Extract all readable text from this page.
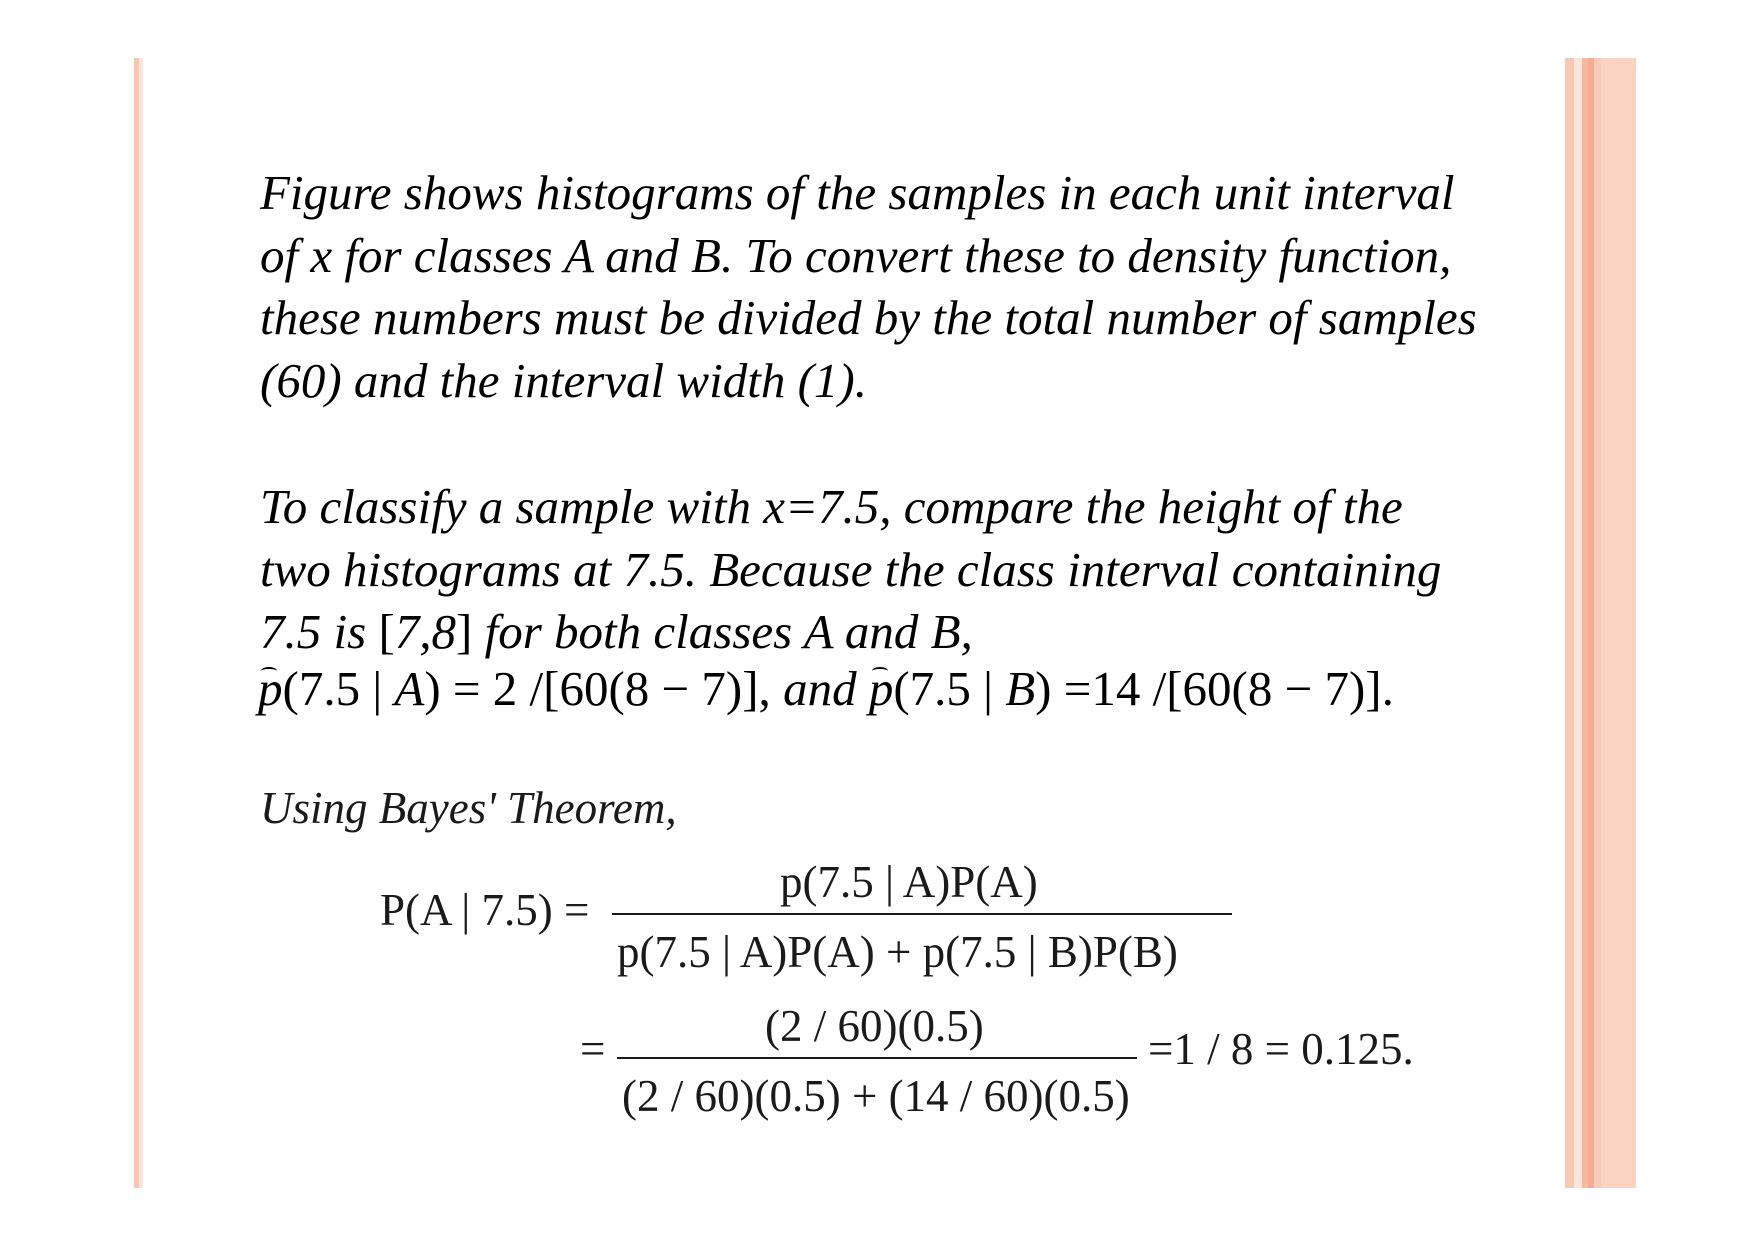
Figure shows histograms of the samples in each unit interval
of x for classes A and B. To convert these to density function,
these numbers must be divided by the total number of samples
(60) and the interval width (1).
To classify a sample with x=7.5, compare the height of the
two histograms at 7.5. Because the class interval containing
7.5 is [7,8] for both classes A and B,
p(7.5 | A) = 2 /[60(8 − 7)], and p(7.5 | B) =14 /[60(8 − 7)].
Using Bayes' Theorem,
P(A | 7.5) =
p(7.5 | A)P(A)
p(7.5 | A)P(A) + p(7.5 | B)P(B)
=	(2 / 60)(0.5)
(2 / 60)(0.5) + (14 / 60)(0.5)
=1 / 8 = 0.125.
